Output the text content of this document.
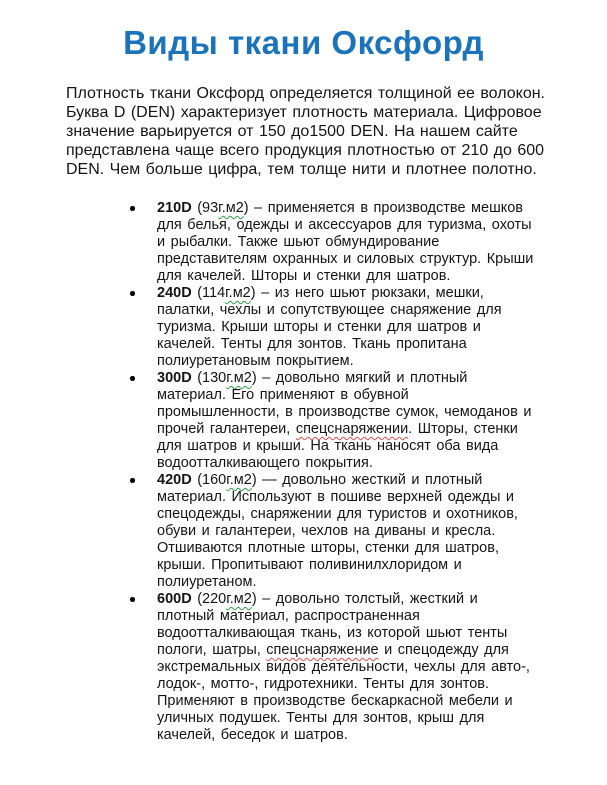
Виды ткани Оксфорд

Плотность ткани Оксфорд определяется толщиной ее волокон. Буква D (DEN) характеризует плотность материала. Цифровое значение варьируется от 150 до1500 DEN. На нашем сайте представлена чаще всего продукция плотностью от 210 до 600 DEN. Чем больше цифра, тем толще нити и плотнее полотно.

210D (93г.м2) – применяется в производстве мешков для белья, одежды и аксессуаров для туризма, охоты и рыбалки. Также шьют обмундирование представителям охранных и силовых структур. Крыши для качелей. Шторы и стенки для шатров.
240D (114г.м2) – из него шьют рюкзаки, мешки, палатки, чехлы и сопутствующее снаряжение для туризма. Крыши шторы и стенки для шатров и качелей. Тенты для зонтов. Ткань пропитана полиуретановым покрытием.
300D (130г.м2) – довольно мягкий и плотный материал. Его применяют в обувной промышленности, в производстве сумок, чемоданов и прочей галантереи, спецснаряжении. Шторы, стенки для шатров и крыши. На ткань наносят оба вида водоотталкивающего покрытия.
420D (160г.м2) — довольно жесткий и плотный материал. Используют в пошиве верхней одежды и спецодежды, снаряжении для туристов и охотников, обуви и галантереи, чехлов на диваны и кресла. Отшиваются плотные шторы, стенки для шатров, крыши. Пропитывают поливинилхлоридом и полиуретаном.
600D (220г.м2) – довольно толстый, жесткий и плотный материал, распространенная водоотталкивающая ткань, из которой шьют тенты пологи, шатры, спецснаряжение и спецодежду для экстремальных видов деятельности, чехлы для авто-, лодок-, мотто-, гидротехники. Тенты для зонтов. Применяют в производстве бескаркасной мебели и уличных подушек. Тенты для зонтов, крыш для качелей, беседок и шатров.
